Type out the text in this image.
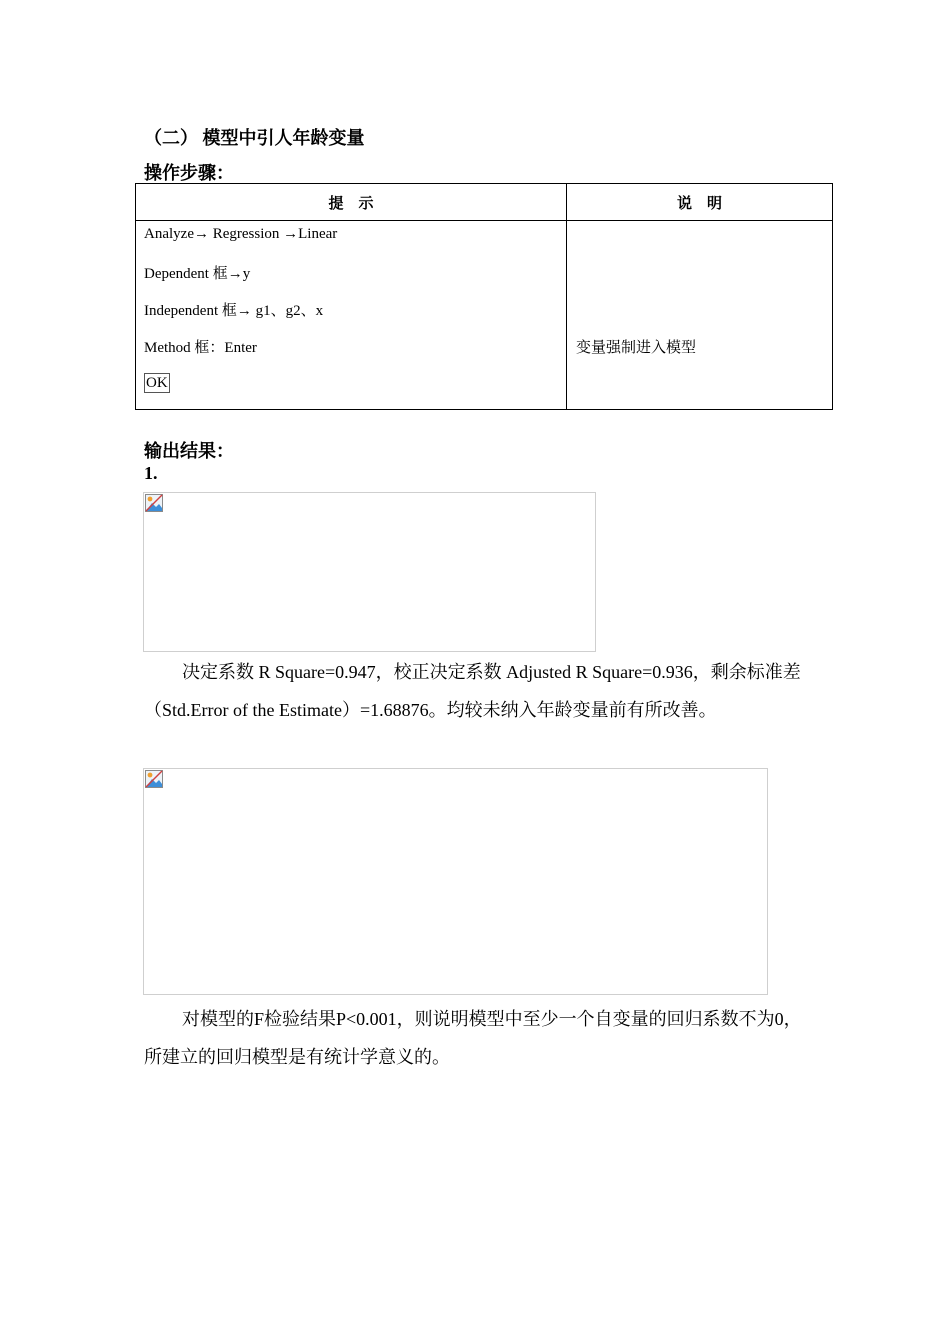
（二） 模型中引人年龄变量
操作步骤：
提　示	说　明

Analyze→ Regression →Linear
Dependent 框→y
Independent 框→ g1、g2、x
Method 框：Enter
OK	变量强制进入模型
输出结果：
1.

决定系数 R Square=0.947，校正决定系数 Adjusted R Square=0.936，剩余标准差（Std.Error of the Estimate）=1.68876。均较未纳入年龄变量前有所改善。

对模型的F检验结果P<0.001，则说明模型中至少一个自变量的回归系数不为0，所建立的回归模型是有统计学意义的。
